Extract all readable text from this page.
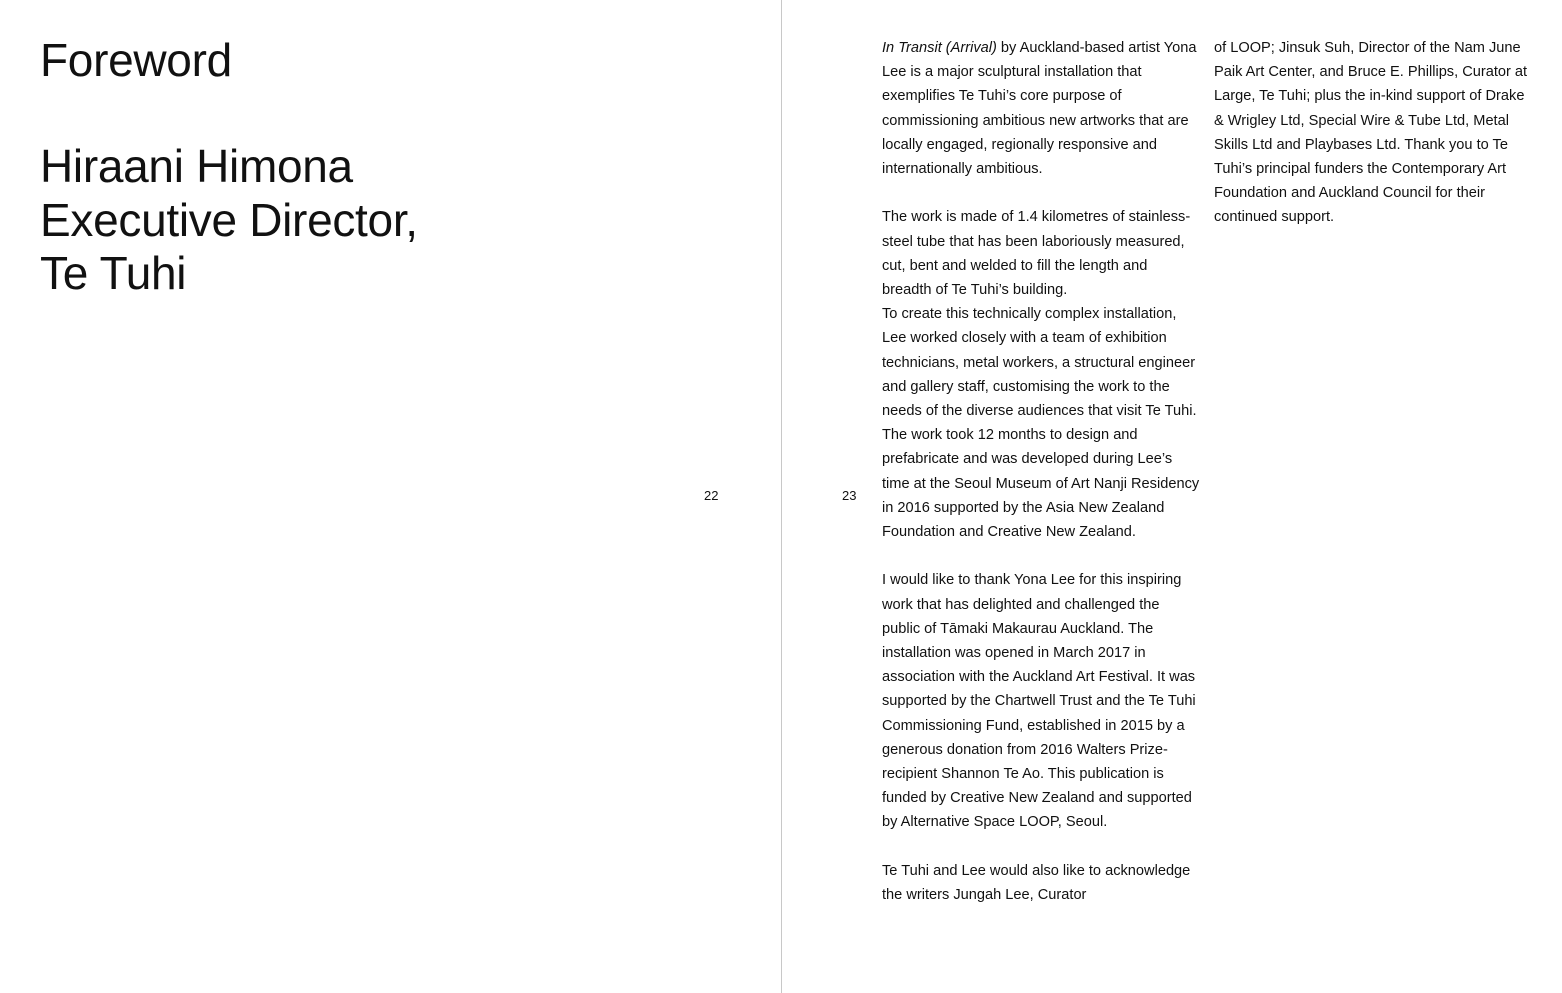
Foreword
Hiraani Himona
Executive Director,
Te Tuhi
22	23

In Transit (Arrival) by Auckland-based artist Yona Lee is a major sculptural installation that exemplifies Te Tuhi’s core purpose of commissioning ambitious new artworks that are locally engaged, regionally responsive and internationally ambitious.

The work is made of 1.4 kilometres of stainless-steel tube that has been laboriously measured, cut, bent and welded to fill the length and breadth of Te Tuhi’s building.

To create this technically complex installation, Lee worked closely with a team of exhibition technicians, metal workers, a structural engineer and gallery staff, customising the work to the needs of the diverse audiences that visit Te Tuhi. The work took 12 months to design and prefabricate and was developed during Lee’s time at the Seoul Museum of Art Nanji Residency in 2016 supported by the Asia New Zealand Foundation and Creative New Zealand.

I would like to thank Yona Lee for this inspiring work that has delighted and challenged the public of Tāmaki Makaurau Auckland. The installation was opened in March 2017 in association with the Auckland Art Festival. It was supported by the Chartwell Trust and the Te Tuhi Commissioning Fund, established in 2015 by a generous donation from 2016 Walters Prize-recipient Shannon Te Ao. This publication is funded by Creative New Zealand and supported by Alternative Space LOOP, Seoul.

Te Tuhi and Lee would also like to acknowledge the writers Jungah Lee, Curator

of LOOP; Jinsuk Suh, Director of the Nam June Paik Art Center, and Bruce E. Phillips, Curator at Large, Te Tuhi; plus the in-kind support of Drake & Wrigley Ltd, Special Wire & Tube Ltd, Metal Skills Ltd and Playbases Ltd. Thank you to Te Tuhi’s principal funders the Contemporary Art Foundation and Auckland Council for their continued support.
